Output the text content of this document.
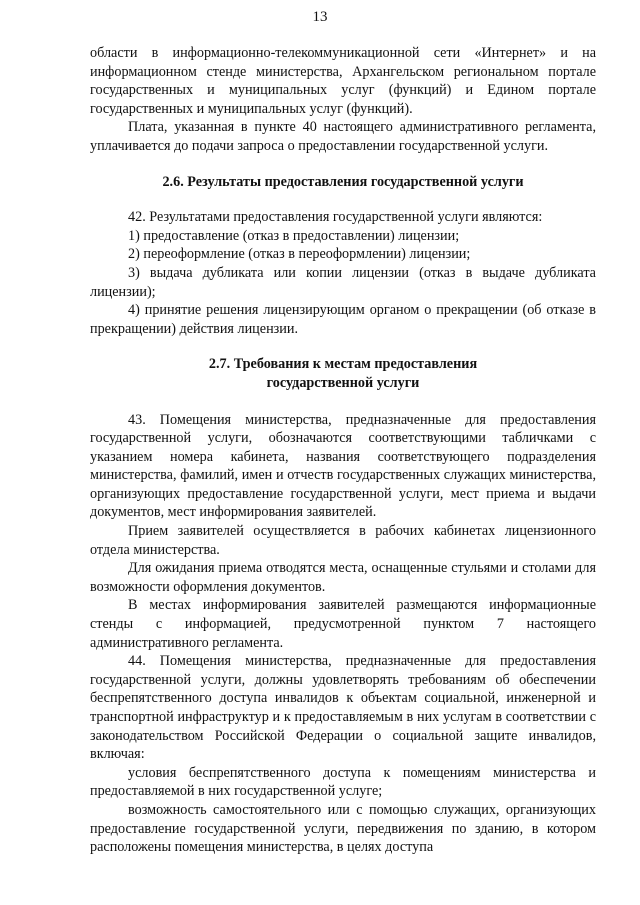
13

области в информационно-телекоммуникационной сети «Интернет» и на информационном стенде министерства, Архангельском региональном портале государственных и муниципальных услуг (функций) и Едином портале государственных и муниципальных услуг (функций).

Плата, указанная в пункте 40 настоящего административного регламента, уплачивается до подачи запроса о предоставлении государственной услуги.

2.6. Результаты предоставления государственной услуги

42. Результатами предоставления государственной услуги являются:

1) предоставление (отказ в предоставлении) лицензии;

2) переоформление (отказ в переоформлении) лицензии;

3) выдача дубликата или копии лицензии (отказ в выдаче дубликата лицензии);

4) принятие решения лицензирующим органом о прекращении (об отказе в прекращении) действия лицензии.

2.7. Требования к местам предоставления

государственной услуги

43. Помещения министерства, предназначенные для предоставления государственной услуги, обозначаются соответствующими табличками с указанием номера кабинета, названия соответствующего подразделения министерства, фамилий, имен и отчеств государственных служащих министерства, организующих предоставление государственной услуги, мест приема и выдачи документов, мест информирования заявителей.

Прием заявителей осуществляется в рабочих кабинетах лицензионного отдела министерства.

Для ожидания приема отводятся места, оснащенные стульями и столами для возможности оформления документов.

В местах информирования заявителей размещаются информационные стенды с информацией, предусмотренной пунктом 7 настоящего административного регламента.

44. Помещения министерства, предназначенные для предоставления государственной услуги, должны удовлетворять требованиям об обеспечении беспрепятственного доступа инвалидов к объектам социальной, инженерной и транспортной инфраструктур и к предоставляемым в них услугам в соответствии с законодательством Российской Федерации о социальной защите инвалидов, включая:

условия беспрепятственного доступа к помещениям министерства и предоставляемой в них государственной услуге;

возможность самостоятельного или с помощью служащих, организующих предоставление государственной услуги, передвижения по зданию, в котором расположены помещения министерства, в целях доступа
